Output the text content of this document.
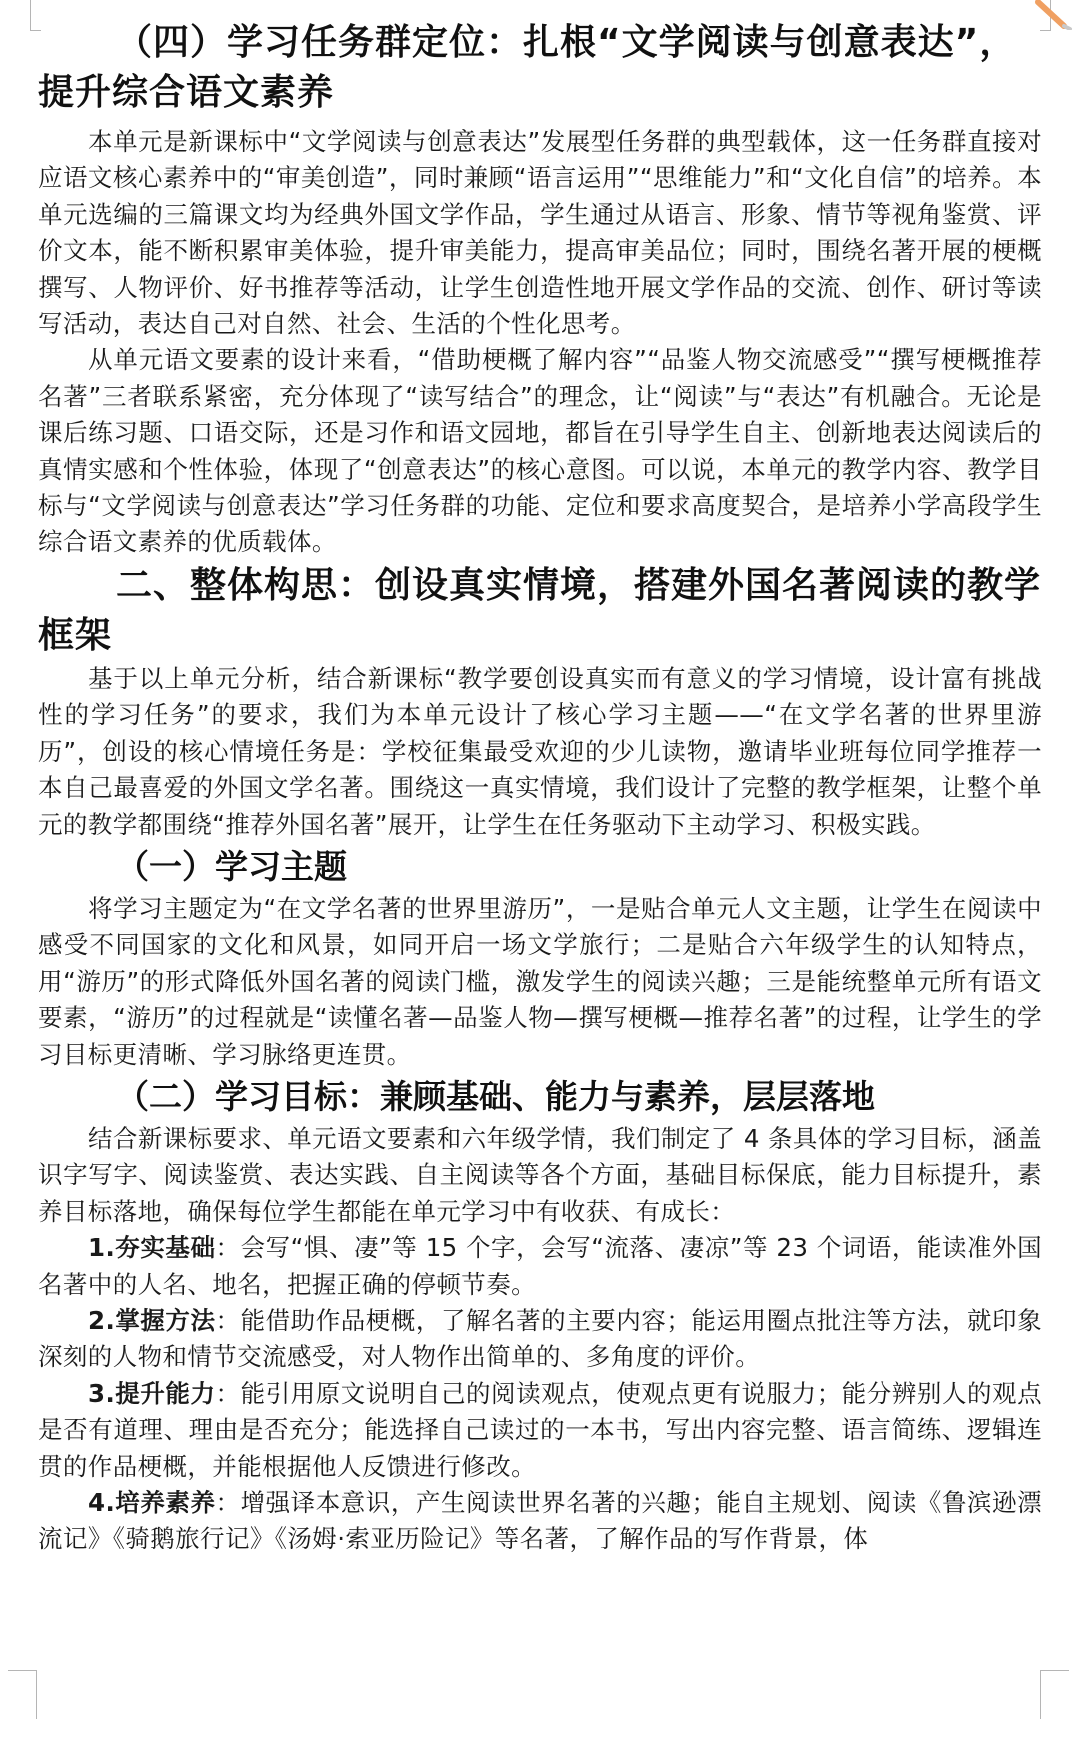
（四）学习任务群定位：扎根“文学阅读与创意表达”，提升综合语文素养

本单元是新课标中“文学阅读与创意表达”发展型任务群的典型载体，这一任务群直接对应语文核心素养中的“审美创造”，同时兼顾“语言运用”“思维能力”和“文化自信”的培养。本单元选编的三篇课文均为经典外国文学作品，学生通过从语言、形象、情节等视角鉴赏、评价文本，能不断积累审美体验，提升审美能力，提高审美品位；同时，围绕名著开展的梗概撰写、人物评价、好书推荐等活动，让学生创造性地开展文学作品的交流、创作、研讨等读写活动，表达自己对自然、社会、生活的个性化思考。

从单元语文要素的设计来看，“借助梗概了解内容”“品鉴人物交流感受”“撰写梗概推荐名著”三者联系紧密，充分体现了“读写结合”的理念，让“阅读”与“表达”有机融合。无论是课后练习题、口语交际，还是习作和语文园地，都旨在引导学生自主、创新地表达阅读后的真情实感和个性体验，体现了“创意表达”的核心意图。可以说，本单元的教学内容、教学目标与“文学阅读与创意表达”学习任务群的功能、定位和要求高度契合，是培养小学高段学生综合语文素养的优质载体。

二、整体构思：创设真实情境，搭建外国名著阅读的教学框架

基于以上单元分析，结合新课标“教学要创设真实而有意义的学习情境，设计富有挑战性的学习任务”的要求，我们为本单元设计了核心学习主题——“在文学名著的世界里游历”，创设的核心情境任务是：学校征集最受欢迎的少儿读物，邀请毕业班每位同学推荐一本自己最喜爱的外国文学名著。围绕这一真实情境，我们设计了完整的教学框架，让整个单元的教学都围绕“推荐外国名著”展开，让学生在任务驱动下主动学习、积极实践。

（一）学习主题

将学习主题定为“在文学名著的世界里游历”，一是贴合单元人文主题，让学生在阅读中感受不同国家的文化和风景，如同开启一场文学旅行；二是贴合六年级学生的认知特点，用“游历”的形式降低外国名著的阅读门槛，激发学生的阅读兴趣；三是能统整单元所有语文要素，“游历”的过程就是“读懂名著—品鉴人物—撰写梗概—推荐名著”的过程，让学生的学习目标更清晰、学习脉络更连贯。

（二）学习目标：兼顾基础、能力与素养，层层落地

结合新课标要求、单元语文要素和六年级学情，我们制定了 4 条具体的学习目标，涵盖识字写字、阅读鉴赏、表达实践、自主阅读等各个方面，基础目标保底，能力目标提升，素养目标落地，确保每位学生都能在单元学习中有收获、有成长：

1.夯实基础：会写“惧、凄”等 15 个字，会写“流落、凄凉”等 23 个词语，能读准外国名著中的人名、地名，把握正确的停顿节奏。

2.掌握方法：能借助作品梗概，了解名著的主要内容；能运用圈点批注等方法，就印象深刻的人物和情节交流感受，对人物作出简单的、多角度的评价。

3.提升能力：能引用原文说明自己的阅读观点，使观点更有说服力；能分辨别人的观点是否有道理、理由是否充分；能选择自己读过的一本书，写出内容完整、语言简练、逻辑连贯的作品梗概，并能根据他人反馈进行修改。

4.培养素养：增强译本意识，产生阅读世界名著的兴趣；能自主规划、阅读《鲁滨逊漂流记》《骑鹅旅行记》《汤姆·索亚历险记》等名著，了解作品的写作背景，体
